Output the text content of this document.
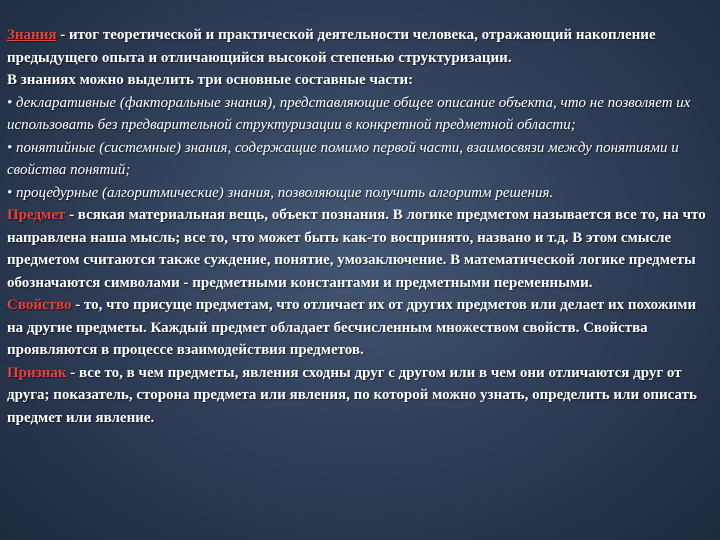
Знания - итог теоретической и практической деятельности человека, отражающий накопление предыдущего опыта и отличающийся высокой степенью структуризации.

В знаниях можно выделить три основные составные части:

• декларативные (факторальные знания), представляющие общее описание объекта, что не позволяет их использовать без предварительной структуризации в конкретной предметной области;

• понятийные (системные) знания, содержащие помимо первой части, взаимосвязи между понятиями и свойства понятий;

• процедурные (алгоритмические) знания, позволяющие получить алгоритм решения.

Предмет - всякая материальная вещь, объект познания. В логике предметом называется все то, на что направлена наша мысль; все то, что может быть как-то воспринято, названо и т.д. В этом смысле предметом считаются также суждение, понятие, умозаключение. В математической логике предметы обозначаются символами - предметными константами и предметными переменными.

Свойство - то, что присуще предметам, что отличает их от других предметов или делает их похожими на другие предметы. Каждый предмет обладает бесчисленным множеством свойств. Свойства проявляются в процессе взаимодействия предметов.

Признак - все то, в чем предметы, явления сходны друг с другом или в чем они отличаются друг от друга; показатель, сторона предмета или явления, по которой можно узнать, определить или описать предмет или явление.
